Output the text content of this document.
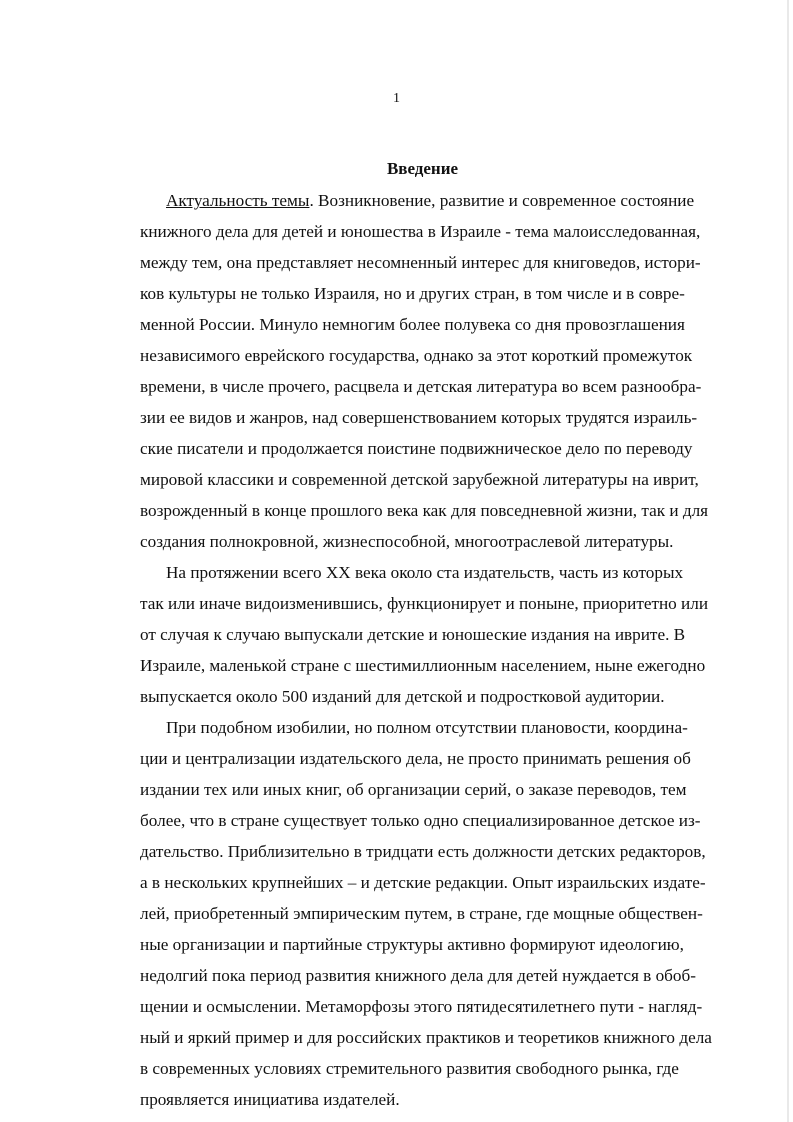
1
Введение
Актуальность темы. Возникновение, развитие и современное состояние
книжного дела для детей и юношества в Израиле - тема малоисследованная,
между тем, она представляет несомненный интерес для книговедов, истори-
ков культуры не только Израиля, но и других стран, в том числе и в совре-
менной России. Минуло немногим более полувека со дня провозглашения
независимого еврейского государства, однако за этот короткий промежуток
времени, в числе прочего, расцвела и детская литература во всем разнообра-
зии ее видов и жанров, над совершенствованием которых трудятся израиль-
ские писатели и продолжается поистине подвижническое дело по переводу
мировой классики и современной детской зарубежной литературы на иврит,
возрожденный в конце прошлого века как для повседневной жизни, так и для
создания полнокровной, жизнеспособной, многоотраслевой литературы.
На протяжении всего XX века около ста издательств, часть из которых
так или иначе видоизменившись, функционирует и поныне, приоритетно или
от случая к случаю выпускали детские и юношеские издания на иврите. В
Израиле, маленькой стране с шестимиллионным населением, ныне ежегодно
выпускается около 500 изданий для детской и подростковой аудитории.
При подобном изобилии, но полном отсутствии плановости, координа-
ции и централизации издательского дела, не просто принимать решения об
издании тех или иных книг, об организации серий, о заказе переводов, тем
более, что в стране существует только одно специализированное детское из-
дательство. Приблизительно в тридцати есть должности детских редакторов,
а в нескольких крупнейших – и детские редакции. Опыт израильских издате-
лей, приобретенный эмпирическим путем, в стране, где мощные обществен-
ные организации и партийные структуры активно формируют идеологию,
недолгий пока период развития книжного дела для детей нуждается в обоб-
щении и осмыслении. Метаморфозы этого пятидесятилетнего пути - нагляд-
ный и яркий пример и для российских практиков и теоретиков книжного дела
в современных условиях стремительного развития свободного рынка, где
проявляется инициатива издателей.
